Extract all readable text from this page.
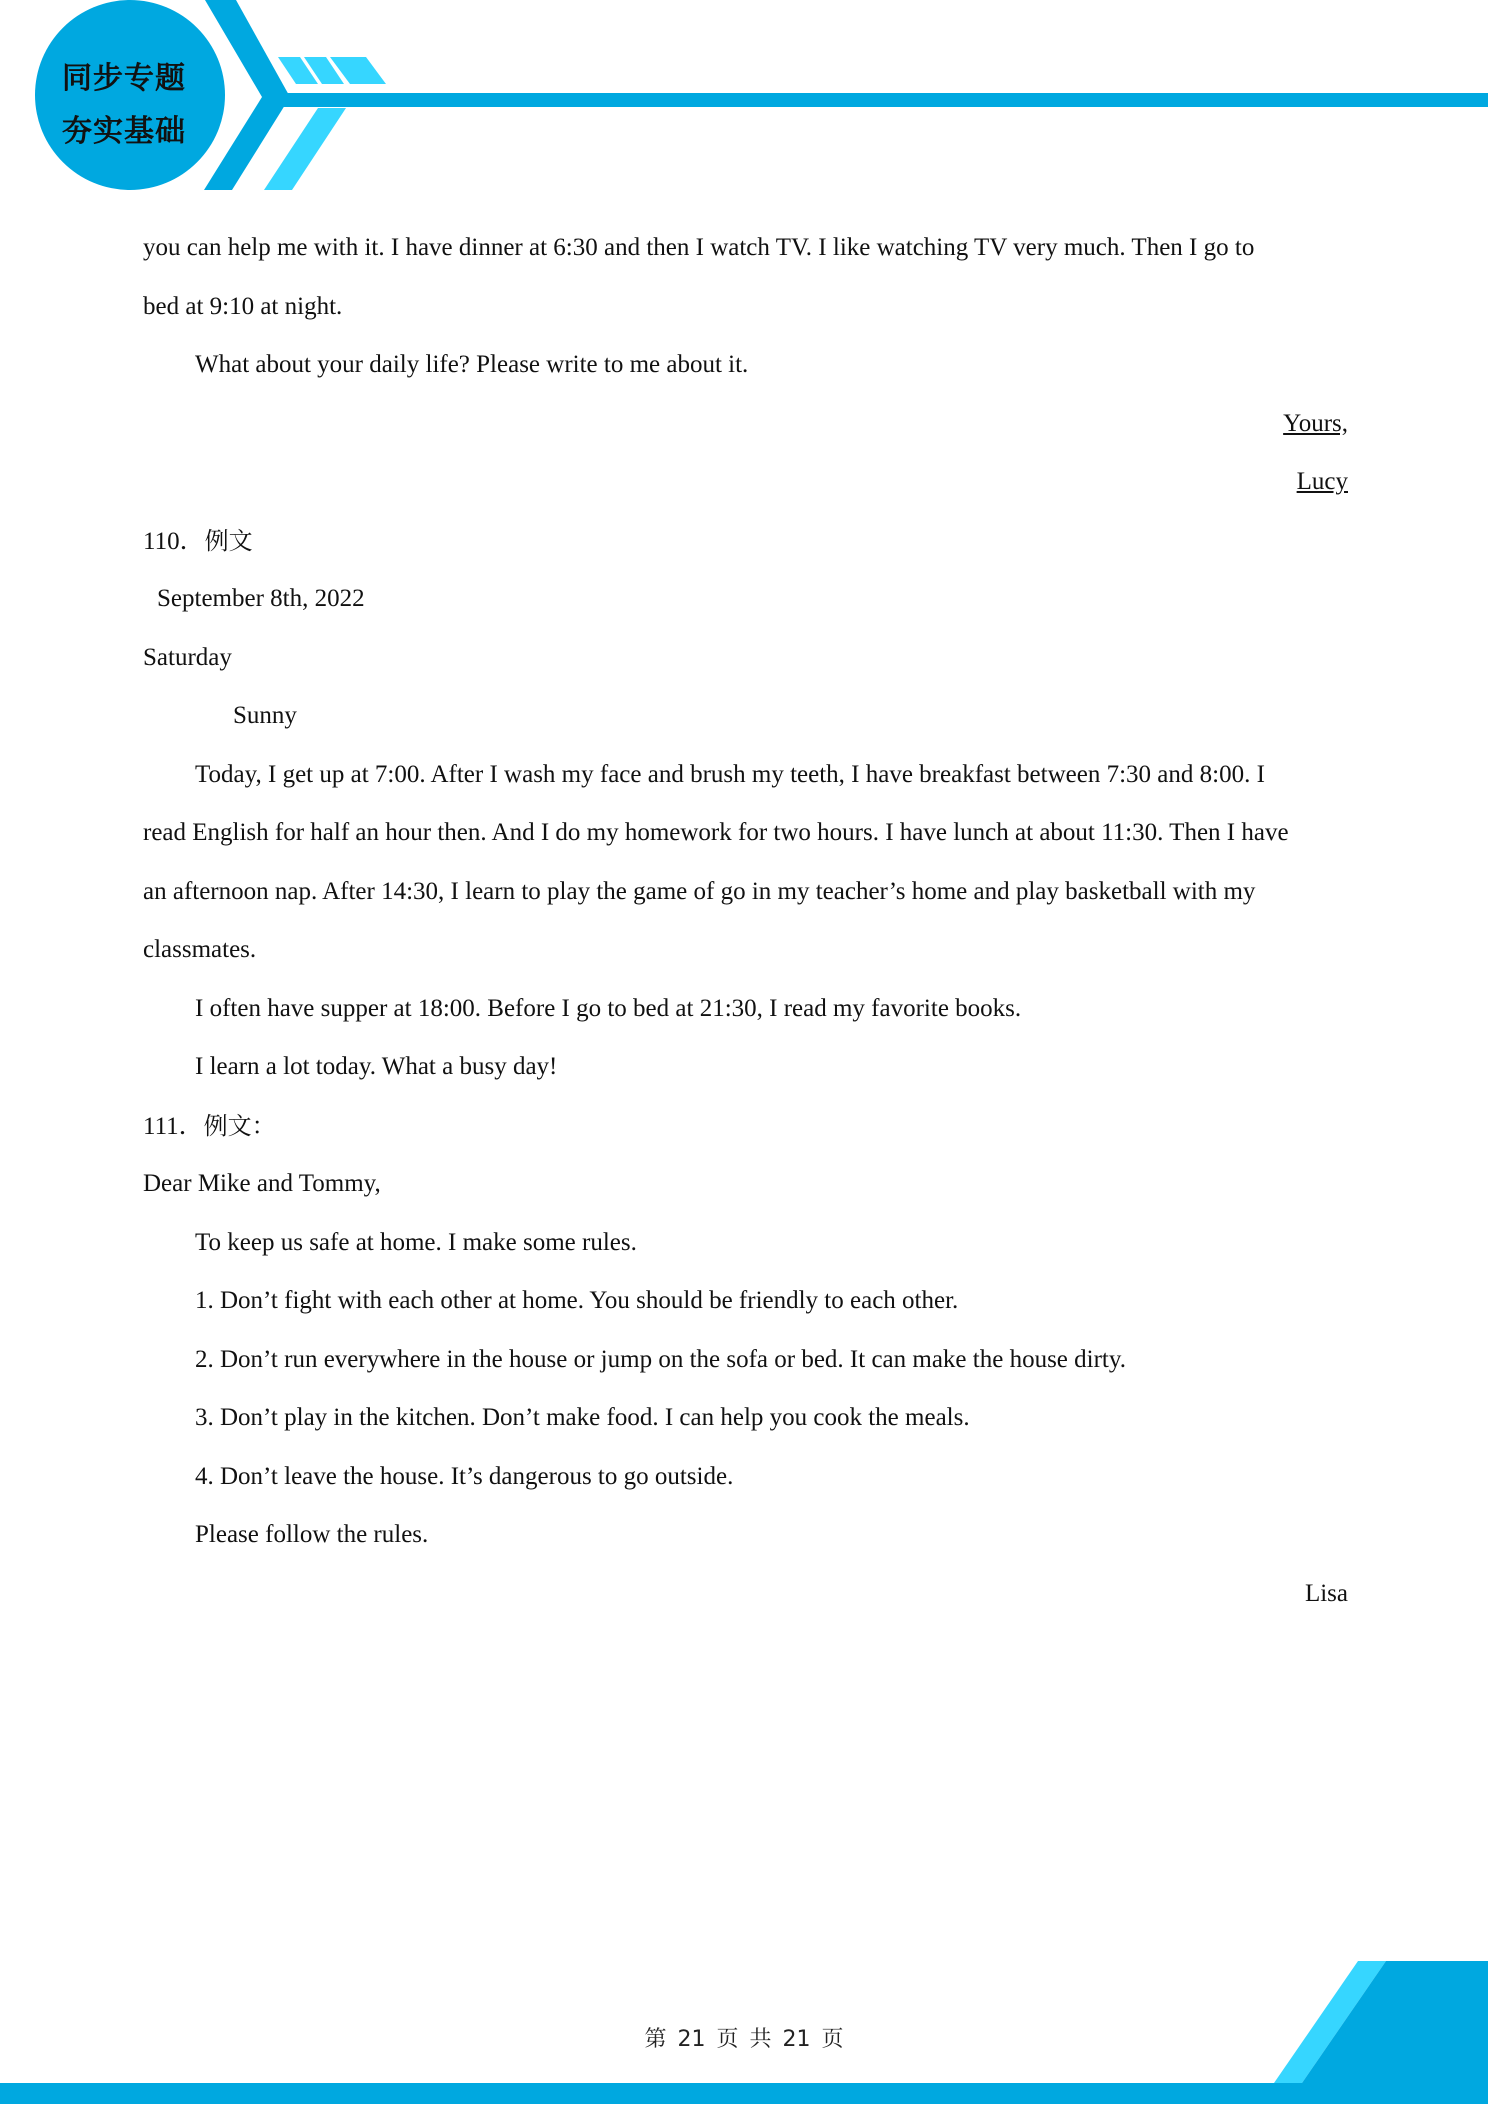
同步专题
夯实基础
you can help me with it. I have dinner at 6:30 and then I watch TV. I like watching TV very much. Then I go to
bed at 9:10 at night.
What about your daily life? Please write to me about it.
Yours,
Lucy
110．例文
September 8th, 2022
Saturday
Sunny
Today, I get up at 7:00. After I wash my face and brush my teeth, I have breakfast between 7:30 and 8:00. I
read English for half an hour then. And I do my homework for two hours. I have lunch at about 11:30. Then I have
an afternoon nap. After 14:30, I learn to play the game of go in my teacher’s home and play basketball with my
classmates.
I often have supper at 18:00. Before I go to bed at 21:30, I read my favorite books.
I learn a lot today. What a busy day!
111．例文：
Dear Mike and Tommy,
To keep us safe at home. I make some rules.
1. Don’t fight with each other at home. You should be friendly to each other.
2. Don’t run everywhere in the house or jump on the sofa or bed. It can make the house dirty.
3. Don’t play in the kitchen. Don’t make food. I can help you cook the meals.
4. Don’t leave the house. It’s dangerous to go outside.
Please follow the rules.
Lisa
第 21 页 共 21 页
